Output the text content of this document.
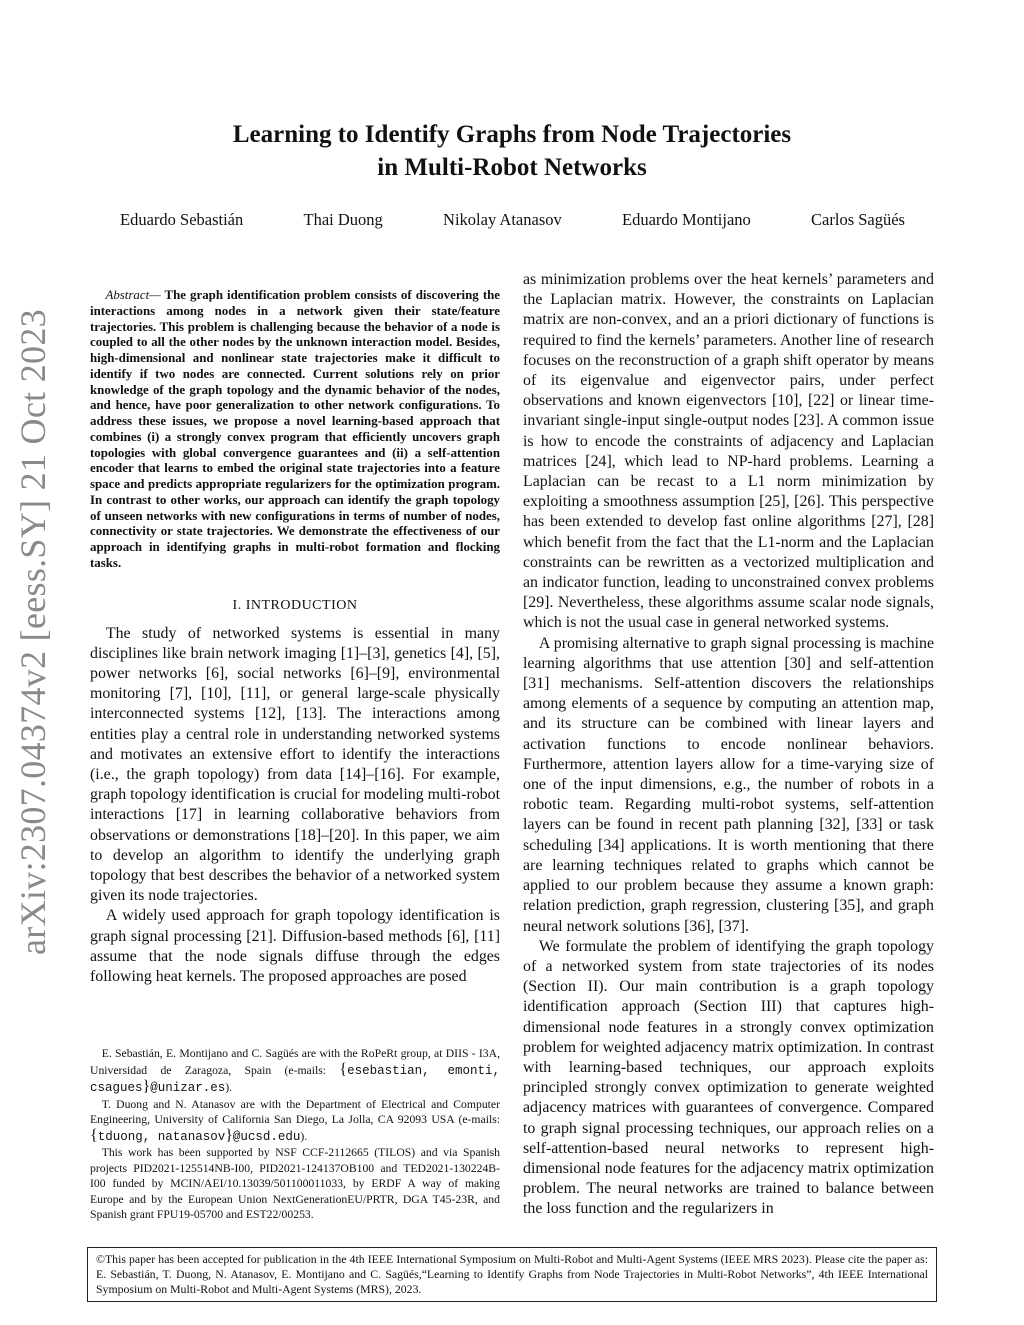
arXiv:2307.04374v2 [eess.SY] 21 Oct 2023
Learning to Identify Graphs from Node Trajectories
in Multi-Robot Networks
Eduardo Sebastián	Thai Duong	Nikolay Atanasov	Eduardo Montijano	Carlos Sagüés

Abstract— The graph identification problem consists of discovering the interactions among nodes in a network given their state/feature trajectories. This problem is challenging because the behavior of a node is coupled to all the other nodes by the unknown interaction model. Besides, high-dimensional and nonlinear state trajectories make it difficult to identify if two nodes are connected. Current solutions rely on prior knowledge of the graph topology and the dynamic behavior of the nodes, and hence, have poor generalization to other network configurations. To address these issues, we propose a novel learning-based approach that combines (i) a strongly convex program that efficiently uncovers graph topologies with global convergence guarantees and (ii) a self-attention encoder that learns to embed the original state trajectories into a feature space and predicts appropriate regularizers for the optimization program. In contrast to other works, our approach can identify the graph topology of unseen networks with new configurations in terms of number of nodes, connectivity or state trajectories. We demonstrate the effectiveness of our approach in identifying graphs in multi-robot formation and flocking tasks.

I. INTRODUCTION

The study of networked systems is essential in many disciplines like brain network imaging [1]–[3], genetics [4], [5], power networks [6], social networks [6]–[9], environmental monitoring [7], [10], [11], or general large-scale physically interconnected systems [12], [13]. The interactions among entities play a central role in understanding networked systems and motivates an extensive effort to identify the interactions (i.e., the graph topology) from data [14]–[16]. For example, graph topology identification is crucial for modeling multi-robot interactions [17] in learning collaborative behaviors from observations or demonstrations [18]–[20]. In this paper, we aim to develop an algorithm to identify the underlying graph topology that best describes the behavior of a networked system given its node trajectories.

A widely used approach for graph topology identification is graph signal processing [21]. Diffusion-based methods [6], [11] assume that the node signals diffuse through the edges following heat kernels. The proposed approaches are posed

E. Sebastián, E. Montijano and C. Sagüés are with the RoPeRt group, at DIIS - I3A, Universidad de Zaragoza, Spain (e-mails: {esebastian, emonti, csagues}@unizar.es).

T. Duong and N. Atanasov are with the Department of Electrical and Computer Engineering, University of California San Diego, La Jolla, CA 92093 USA (e-mails: {tduong, natanasov}@ucsd.edu).

This work has been supported by NSF CCF-2112665 (TILOS) and via Spanish projects PID2021-125514NB-I00, PID2021-124137OB100 and TED2021-130224B-I00 funded by MCIN/AEI/10.13039/501100011033, by ERDF A way of making Europe and by the European Union NextGenerationEU/PRTR, DGA T45-23R, and Spanish grant FPU19-05700 and EST22/00253.

as minimization problems over the heat kernels’ parameters and the Laplacian matrix. However, the constraints on Laplacian matrix are non-convex, and an a priori dictionary of functions is required to find the kernels’ parameters. Another line of research focuses on the reconstruction of a graph shift operator by means of its eigenvalue and eigenvector pairs, under perfect observations and known eigenvectors [10], [22] or linear time-invariant single-input single-output nodes [23]. A common issue is how to encode the constraints of adjacency and Laplacian matrices [24], which lead to NP-hard problems. Learning a Laplacian can be recast to a L1 norm minimization by exploiting a smoothness assumption [25], [26]. This perspective has been extended to develop fast online algorithms [27], [28] which benefit from the fact that the L1-norm and the Laplacian constraints can be rewritten as a vectorized multiplication and an indicator function, leading to unconstrained convex problems [29]. Nevertheless, these algorithms assume scalar node signals, which is not the usual case in general networked systems.

A promising alternative to graph signal processing is machine learning algorithms that use attention [30] and self-attention [31] mechanisms. Self-attention discovers the relationships among elements of a sequence by computing an attention map, and its structure can be combined with linear layers and activation functions to encode nonlinear behaviors. Furthermore, attention layers allow for a time-varying size of one of the input dimensions, e.g., the number of robots in a robotic team. Regarding multi-robot systems, self-attention layers can be found in recent path planning [32], [33] or task scheduling [34] applications. It is worth mentioning that there are learning techniques related to graphs which cannot be applied to our problem because they assume a known graph: relation prediction, graph regression, clustering [35], and graph neural network solutions [36], [37].

We formulate the problem of identifying the graph topology of a networked system from state trajectories of its nodes (Section II). Our main contribution is a graph topology identification approach (Section III) that captures high-dimensional node features in a strongly convex optimization problem for weighted adjacency matrix optimization. In contrast with learning-based techniques, our approach exploits principled strongly convex optimization to generate weighted adjacency matrices with guarantees of convergence. Compared to graph signal processing techniques, our approach relies on a self-attention-based neural networks to represent high-dimensional node features for the adjacency matrix optimization problem. The neural networks are trained to balance between the loss function and the regularizers in

©This paper has been accepted for publication in the 4th IEEE International Symposium on Multi-Robot and Multi-Agent Systems (IEEE MRS 2023). Please cite the paper as: E. Sebastián, T. Duong, N. Atanasov, E. Montijano and C. Sagüés,“Learning to Identify Graphs from Node Trajectories in Multi-Robot Networks”, 4th IEEE International Symposium on Multi-Robot and Multi-Agent Systems (MRS), 2023.
